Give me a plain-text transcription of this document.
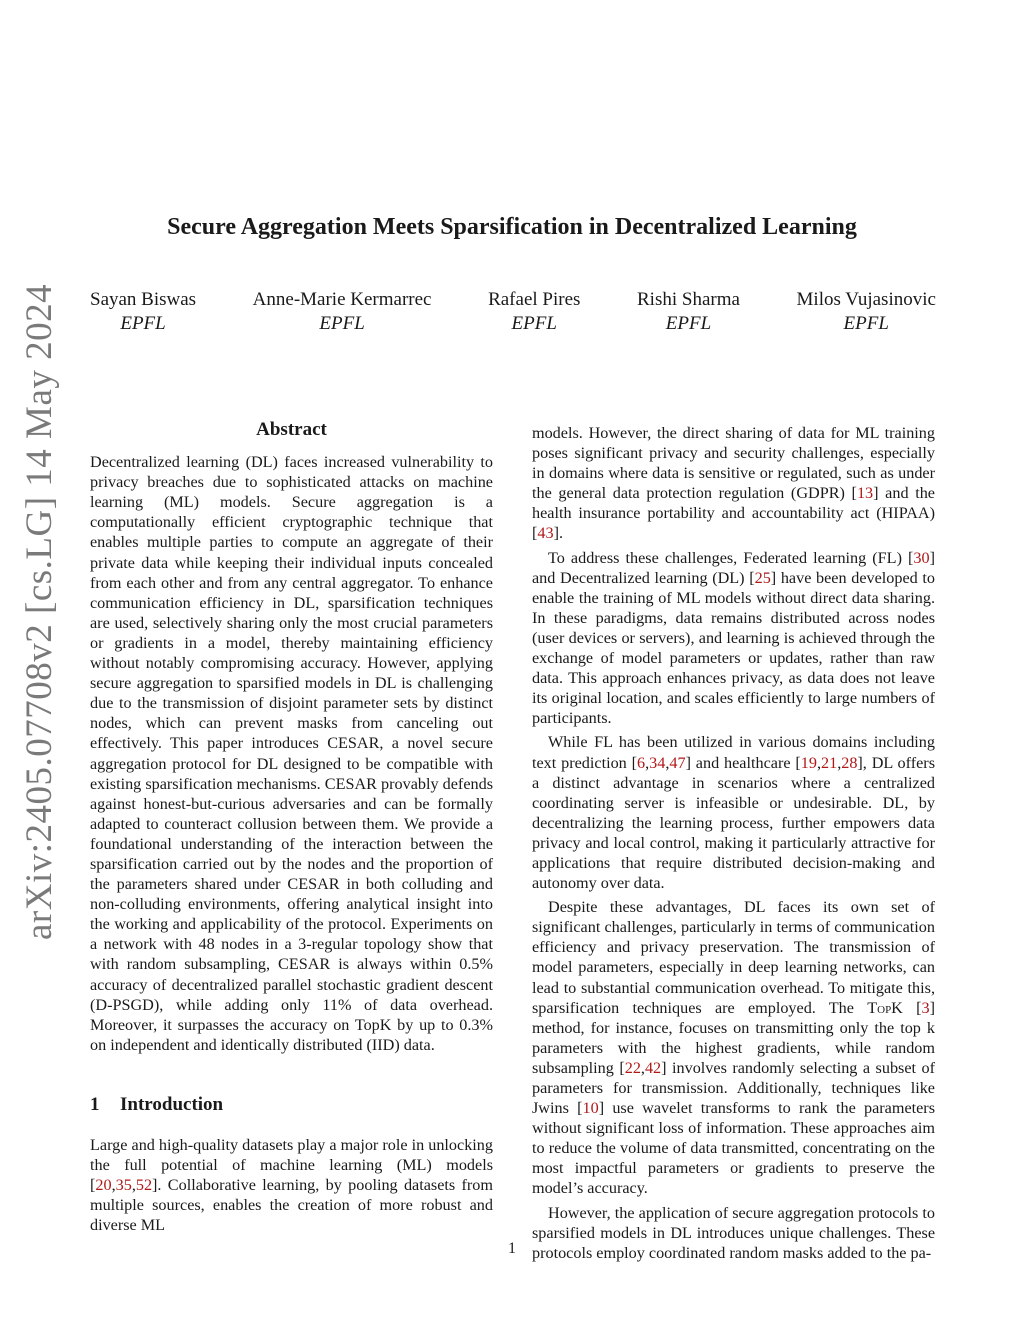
arXiv:2405.07708v2 [cs.LG] 14 May 2024
Secure Aggregation Meets Sparsification in Decentralized Learning
Sayan Biswas
EPFL
Anne-Marie Kermarrec
EPFL
Rafael Pires
EPFL
Rishi Sharma
EPFL
Milos Vujasinovic
EPFL
Abstract

Decentralized learning (DL) faces increased vulnerability to privacy breaches due to sophisticated attacks on machine learning (ML) models. Secure aggregation is a computationally efficient cryptographic technique that enables multiple parties to compute an aggregate of their private data while keeping their individual inputs concealed from each other and from any central aggregator. To enhance communication efficiency in DL, sparsification techniques are used, selectively sharing only the most crucial parameters or gradients in a model, thereby maintaining efficiency without notably compromising accuracy. However, applying secure aggregation to sparsified models in DL is challenging due to the transmission of disjoint parameter sets by distinct nodes, which can prevent masks from canceling out effectively. This paper introduces CESAR, a novel secure aggregation protocol for DL designed to be compatible with existing sparsification mechanisms. CESAR provably defends against honest-but-curious adversaries and can be formally adapted to counteract collusion between them. We provide a foundational understanding of the interaction between the sparsification carried out by the nodes and the proportion of the parameters shared under CESAR in both colluding and non-colluding environments, offering analytical insight into the working and applicability of the protocol. Experiments on a network with 48 nodes in a 3-regular topology show that with random subsampling, CESAR is always within 0.5% accuracy of decentralized parallel stochastic gradient descent (D-PSGD), while adding only 11% of data overhead. Moreover, it surpasses the accuracy on TopK by up to 0.3% on independent and identically distributed (IID) data.

1 Introduction

Large and high-quality datasets play a major role in unlocking the full potential of machine learning (ML) models [20,35,52]. Collaborative learning, by pooling datasets from multiple sources, enables the creation of more robust and diverse ML

models. However, the direct sharing of data for ML training poses significant privacy and security challenges, especially in domains where data is sensitive or regulated, such as under the general data protection regulation (GDPR) [13] and the health insurance portability and accountability act (HIPAA) [43].

To address these challenges, Federated learning (FL) [30] and Decentralized learning (DL) [25] have been developed to enable the training of ML models without direct data sharing. In these paradigms, data remains distributed across nodes (user devices or servers), and learning is achieved through the exchange of model parameters or updates, rather than raw data. This approach enhances privacy, as data does not leave its original location, and scales efficiently to large numbers of participants.

While FL has been utilized in various domains including text prediction [6,34,47] and healthcare [19,21,28], DL offers a distinct advantage in scenarios where a centralized coordinating server is infeasible or undesirable. DL, by decentralizing the learning process, further empowers data privacy and local control, making it particularly attractive for applications that require distributed decision-making and autonomy over data.

Despite these advantages, DL faces its own set of significant challenges, particularly in terms of communication efficiency and privacy preservation. The transmission of model parameters, especially in deep learning networks, can lead to substantial communication overhead. To mitigate this, sparsification techniques are employed. The TopK [3] method, for instance, focuses on transmitting only the top k parameters with the highest gradients, while random subsampling [22,42] involves randomly selecting a subset of parameters for transmission. Additionally, techniques like Jwins [10] use wavelet transforms to rank the parameters without significant loss of information. These approaches aim to reduce the volume of data transmitted, concentrating on the most impactful parameters or gradients to preserve the model’s accuracy.

However, the application of secure aggregation protocols to sparsified models in DL introduces unique challenges. These protocols employ coordinated random masks added to the pa-

1
